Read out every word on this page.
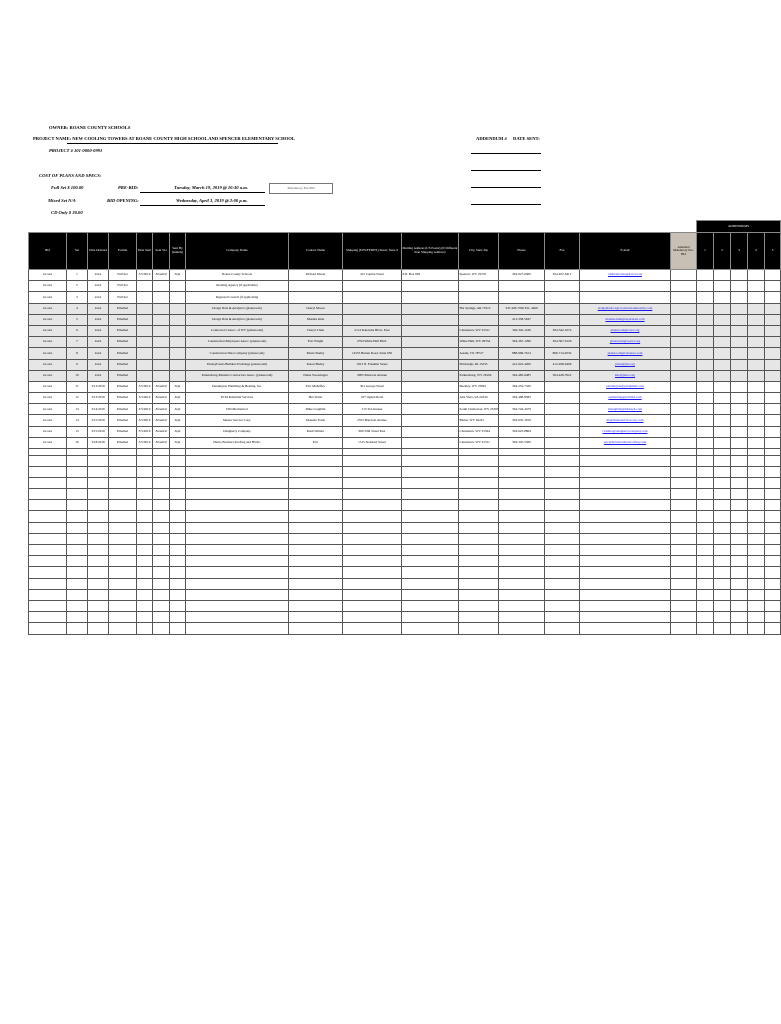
OWNER: ROANE COUNTY SCHOOLS
PROJECT NAME: NEW COOLING TOWERS AT ROANE COUNTY HIGH SCHOOL AND SPENCER ELEMENTARY SCHOOL
PROJECT # 101-0000-0991
ADDENDUM # DATE SENT:
COST OF PLANS AND SPECS:
Full Set $ 100.00
Mixed Set N/A
CD Only $ 30.00
PRE-BID:	Tuesday, March 19, 2019 @ 10:30 a.m.
BID OPENING:	Wednesday, April 3, 2019 @ 2:00 p.m.
Mandatory Pre-Bid
																ADDENDUMS				
Bid	Set	Date Ordered	Format	Date Sent	Sent Via	Sent By (Initials)	Company Name	Contact Name	Shipping (UPS/FEDEX) Street, State #	Mailing Address (US Postal) (If Different than Shipping Address)	City, State Zip	Phone	Fax	E-mail	Attended Mandatory Pre-Bid	1	2	3	4	5
xx-xxx	1	xxxx	Full Set	3/5/2019	Emailed	Sept	Roane County Schools	Richard Duran	415 Capital Street	P.O. Box 609	Spencer, WV 25276	304-927-6400	304-927-6412	rdduranroane@k12.wv.us						
xx-xxx	2	xxxx	Full Set				Reading Agency (if applicable)													
xx-xxx	3	xxxx	Full Set				Regional Council (if applicable)													
xx-xxx	4	xxxx	Emailed				Dodge Data & Analytics (plansroom)	Cheryl Moore			Hot Springs, AR 71913	347-426-7930 Ext. 4400		dodgebiddocs@constructionmonday.com						
xx-xxx	5	xxxx	Emailed				Dodge Data & Analytics (plansroom)	Monika Kisk				413-358-5947		monika.kisk@reportdata.com						
xx-xxx	6	xxxx	Emailed				Contractor's Assoc. of WV (plansroom)	Cheryl Clark	2114 Kanawha Blvd., East		Charleston, WV 25311	304-342-1166	304-342-1074	plansroom@cawv.org						
xx-xxx	7	xxxx	Emailed				Construction Employers Assoc. (plansroom)	Eric Wright	2794 White Hall Blvd.		White Hall, WV 26554	304-367-1290	304-367-0126	plansroom@ceawv.org						
xx-xxx	8	xxxx	Emailed				Construction Data Company (plansroom)	Marie Shelby	14555 Burnet Road, Suite 950		Austin, TX 78727	888-906-7613	866-714-0534	plansroom@cdcnews.com						
xx-xxx	9	xxxx	Emailed				Pennsylvania Builders Exchange (plansroom)	Karen Blahry	1813 N. Franklin Street		Pittsburgh, PA 15233	412-922-4200	412-928-9406	plans@pbe.org						
xx-xxx	10	xxxx	Emailed				Parkersburg-Marietta Contractors Assoc. (plansroom)	Diane Swearingen	2905 Emerson Avenue		Parkersburg, WV 26104	304-485-6485	304-428-7622	kbe@pmca.org						
xx-xxx	11	3/13/2019	Emailed	3/5/2019	Emailed	Sept	Pennington Plumbing & Heating, Inc.	Eric Mallaffey	301 George Street		Beckley, WV 25801	304-252-7320		pennington@pennplmb.com						
xx-xxx	12	3/13/2019	Emailed	3/5/2019	Emailed	Sept	PCM Industrial Services	Her Yetter	107 Ogden Road		Alta Vista, VA 24534	304-468-8582		estimating@pcmind.com						
xx-xxx	13	3/14/2019	Emailed	3/5/2019	Emailed	Sept	DSI Mechanical	Mike Laughlin	513 3rd Avenue		South Charleston, WV 25303	304-744-4479		mlaughlin@dsimech.com						
xx-xxx	14	3/15/2019	Emailed	3/5/2019	Emailed	Sept	Master Service Corp.	Monette Tolen	2553 Harrison Avenue		Elkins, WV 26241	304-635-1816		mt@masterservicecorp.com						
xx-xxx	15	3/15/2019	Emailed	3/5/2019	Emailed	Sept	Daugherty Company	Rush Wilmot	600 59th Street East		Charleston, WV 25304	304-925-8864		rwilmot@daughertycompany.com						
xx-xxx	16	3/18/2019	Emailed	3/5/2019	Emailed	Sept	Harris Brothers Roofing and HVAC	Eric	1515 Standard Street		Charleston, WV 25311	304-345-5566		eric@harrisbrothersroofing.com						
